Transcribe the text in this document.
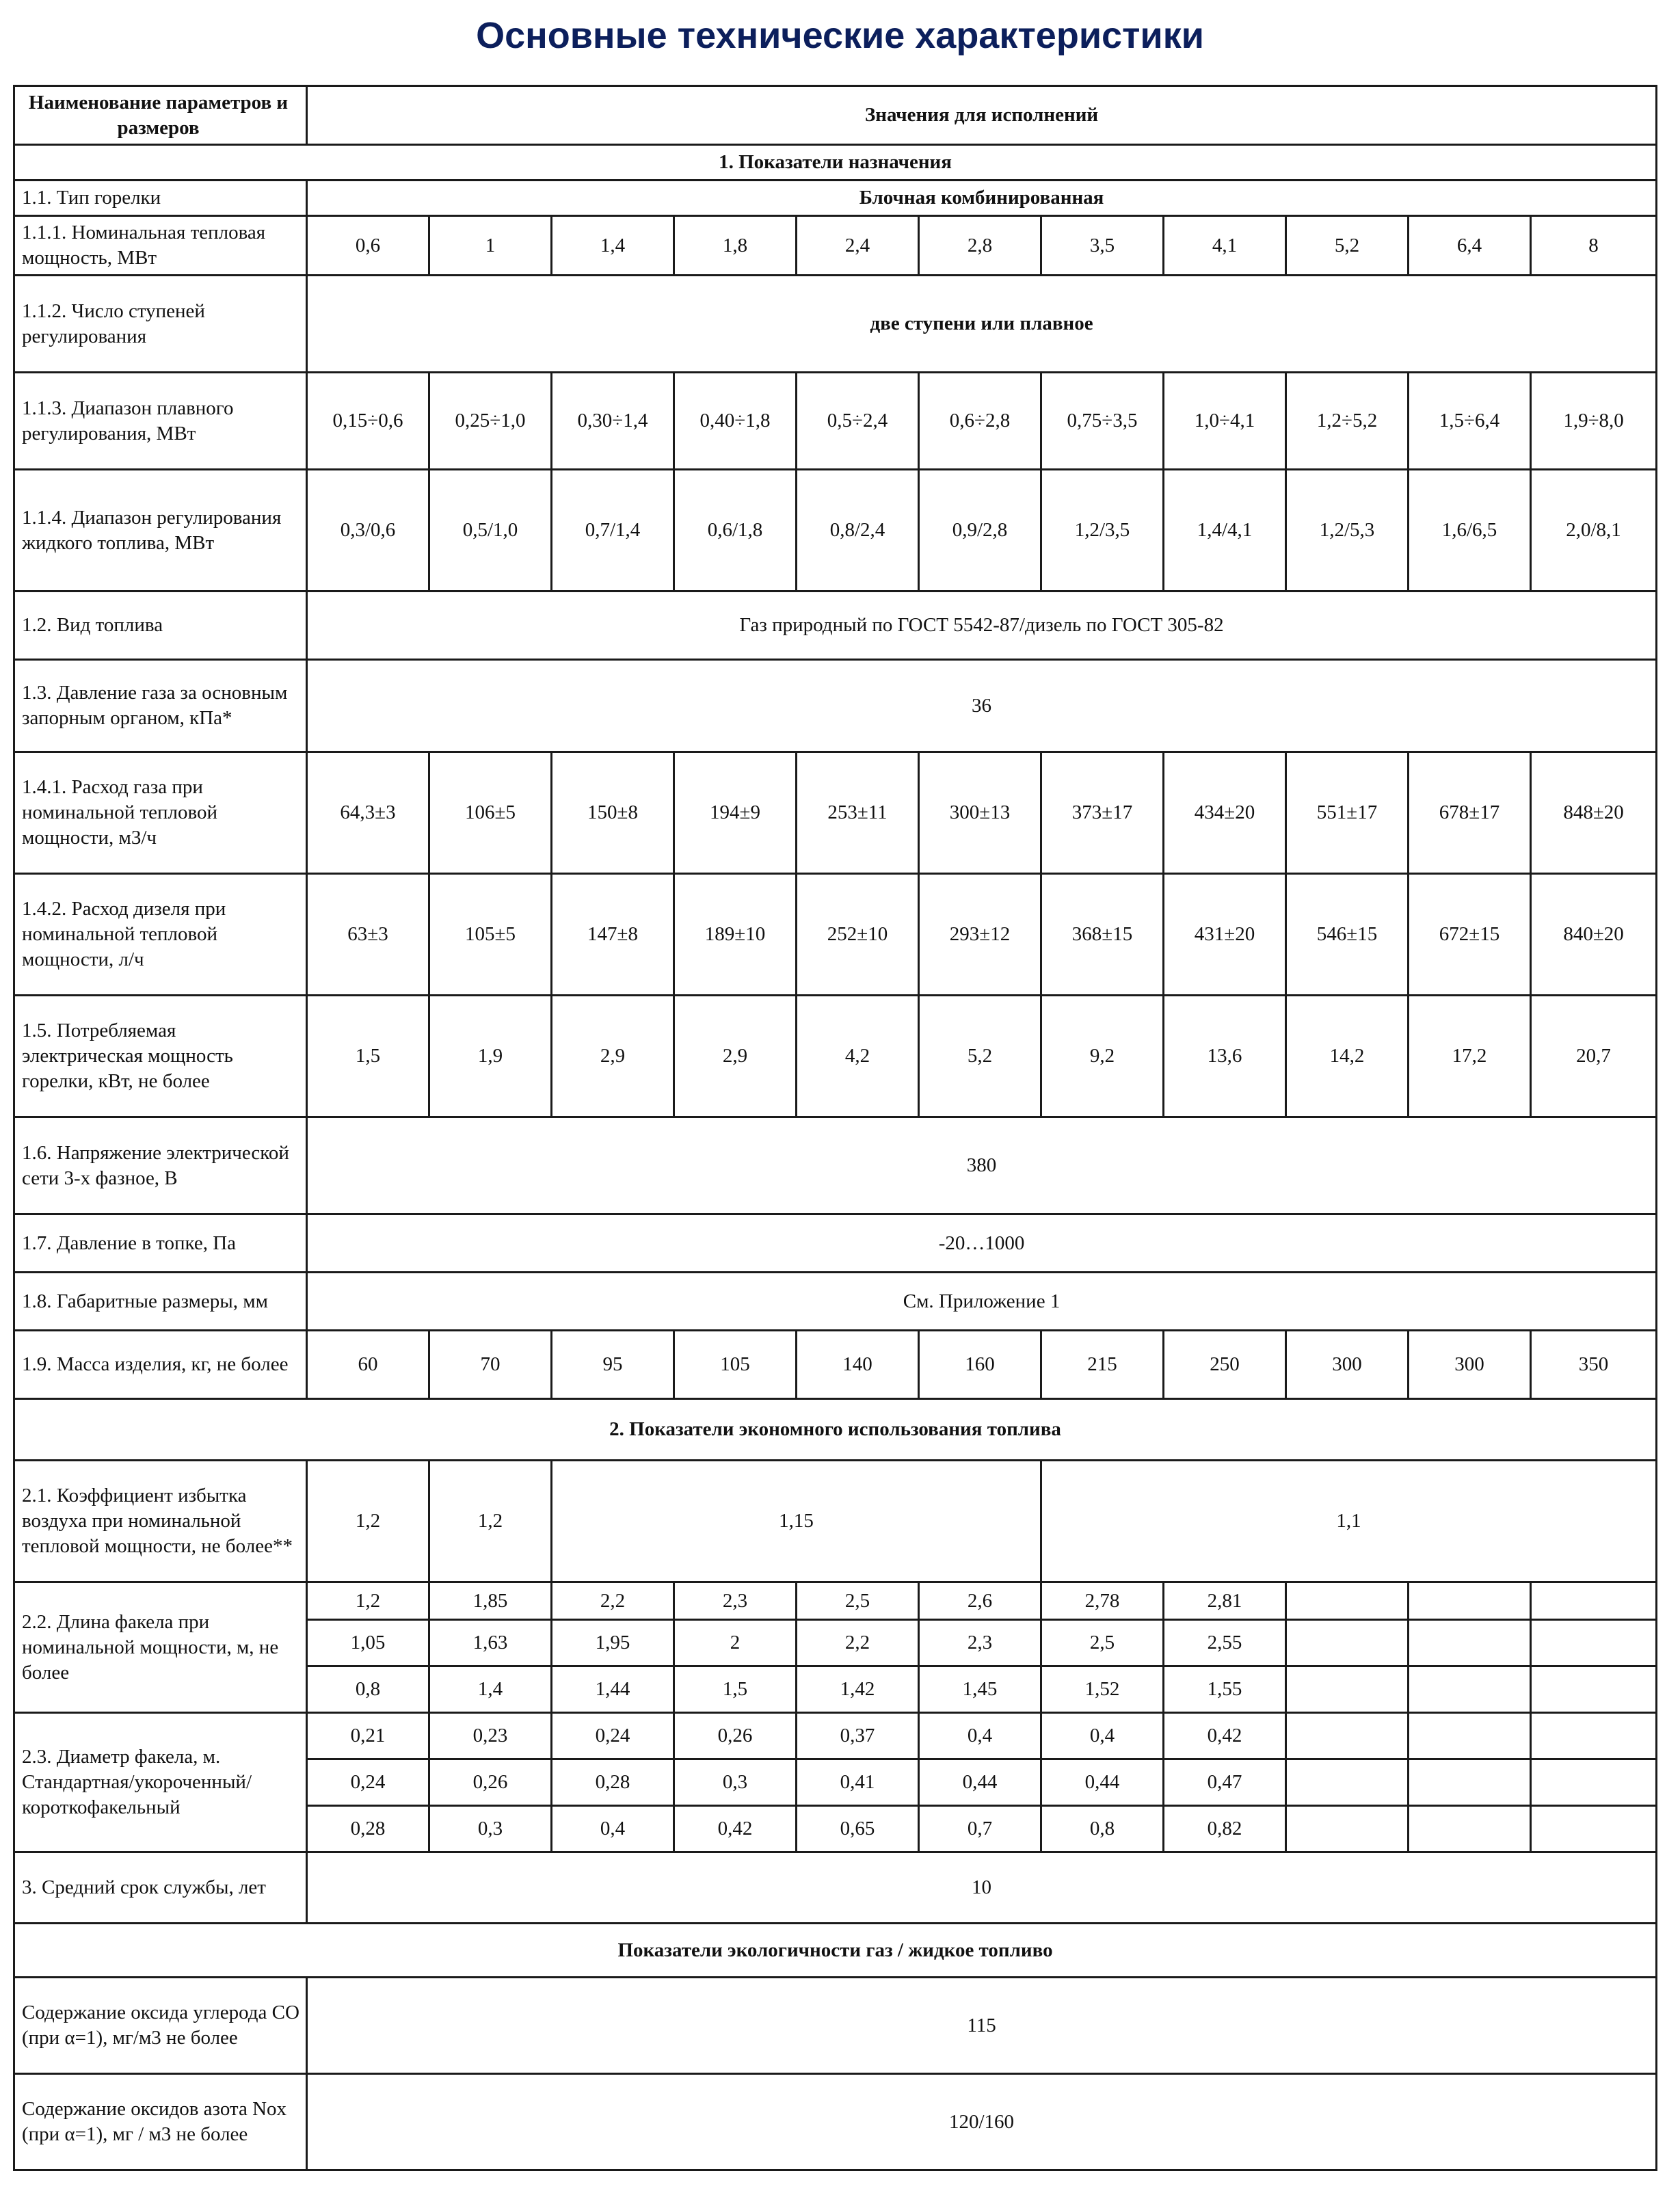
Основные технические характеристики
Наименование параметров и размеров	Значения для исполнений										
1. Показатели назначения											
1.1. Тип горелки	Блочная комбинированная										
1.1.1. Номинальная тепловая мощность, МВт	0,6	1	1,4	1,8	2,4	2,8	3,5	4,1	5,2	6,4	8
1.1.2. Число ступеней регулирования	две ступени или плавное										
1.1.3. Диапазон плавного регулирования, МВт	0,15÷0,6	0,25÷1,0	0,30÷1,4	0,40÷1,8	0,5÷2,4	0,6÷2,8	0,75÷3,5	1,0÷4,1	1,2÷5,2	1,5÷6,4	1,9÷8,0
1.1.4. Диапазон регулирования жидкого топлива, МВт	0,3/0,6	0,5/1,0	0,7/1,4	0,6/1,8	0,8/2,4	0,9/2,8	1,2/3,5	1,4/4,1	1,2/5,3	1,6/6,5	2,0/8,1
1.2. Вид топлива	Газ природный по ГОСТ 5542-87/дизель по ГОСТ 305-82										
1.3. Давление газа за основным запорным органом, кПа*	36										
1.4.1. Расход газа при номинальной тепловой мощности, м3/ч	64,3±3	106±5	150±8	194±9	253±11	300±13	373±17	434±20	551±17	678±17	848±20
1.4.2. Расход дизеля при номинальной тепловой мощности, л/ч	63±3	105±5	147±8	189±10	252±10	293±12	368±15	431±20	546±15	672±15	840±20
1.5. Потребляемая электрическая мощность горелки, кВт, не более	1,5	1,9	2,9	2,9	4,2	5,2	9,2	13,6	14,2	17,2	20,7
1.6. Напряжение электрической сети 3-х фазное, В	380										
1.7. Давление в топке, Па	-20…1000										
1.8. Габаритные размеры, мм	См. Приложение 1										
1.9. Масса изделия, кг, не более	60	70	95	105	140	160	215	250	300	300	350
2. Показатели экономного использования топлива											
2.1. Коэффициент избытка воздуха при номинальной тепловой мощности, не более**	1,2	1,2	1,15				1,1				
2.2. Длина факела при номинальной мощности, м, не более	1,2	1,85	2,2	2,3	2,5	2,6	2,78	2,81			
	1,05	1,63	1,95	2	2,2	2,3	2,5	2,55			
	0,8	1,4	1,44	1,5	1,42	1,45	1,52	1,55			
2.3. Диаметр факела, м. Стандартная/укороченный/короткофакельный	0,21	0,23	0,24	0,26	0,37	0,4	0,4	0,42			
	0,24	0,26	0,28	0,3	0,41	0,44	0,44	0,47			
	0,28	0,3	0,4	0,42	0,65	0,7	0,8	0,82			
3. Средний срок службы, лет	10										
Показатели экологичности газ / жидкое топливо											
Содержание оксида углерода СО (при α=1), мг/м3 не более	115										
Содержание оксидов азота Nox (при α=1), мг / м3 не более	120/160										
